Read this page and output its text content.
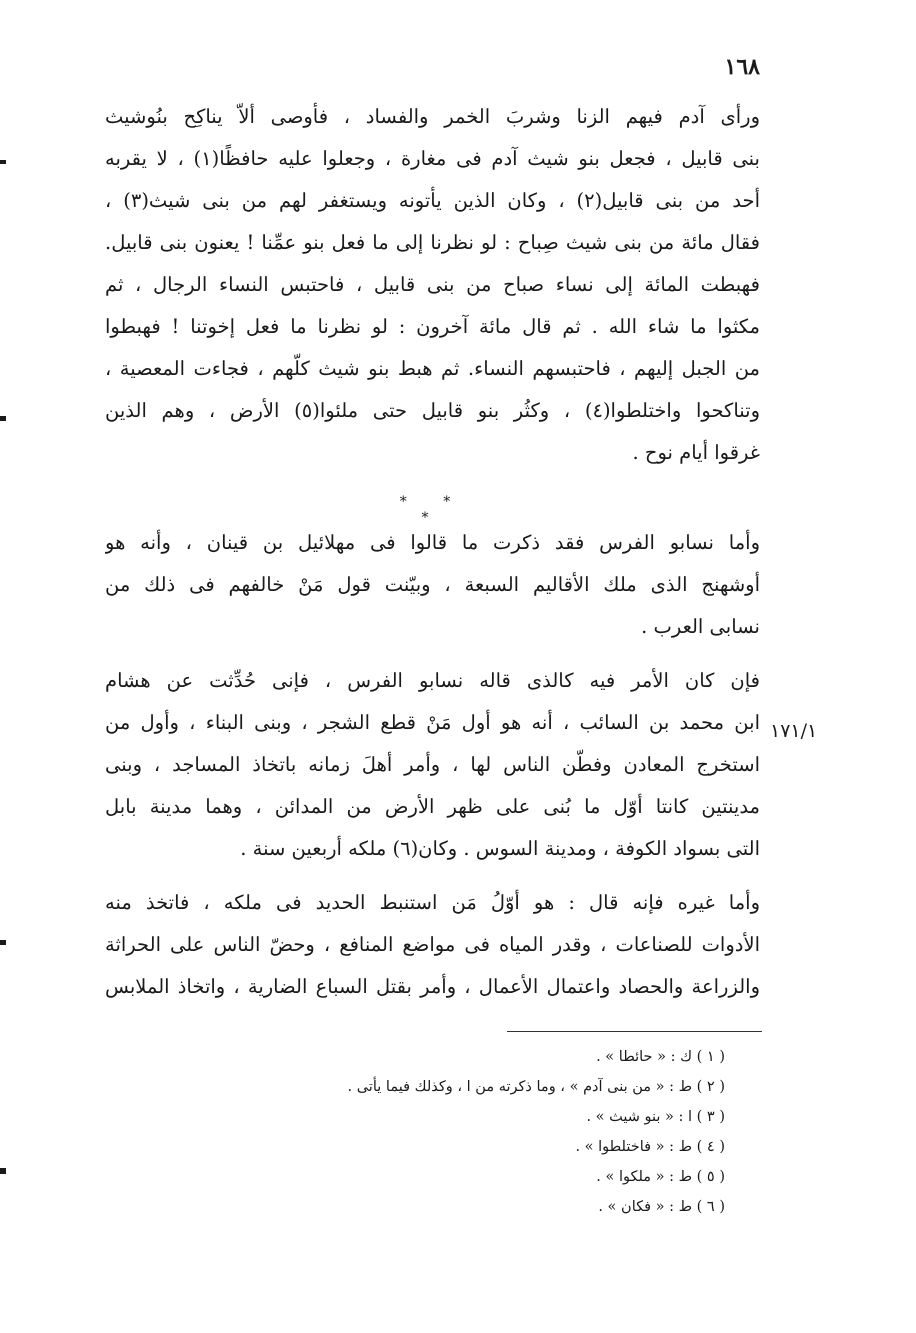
١٦٨
ورأى آدم فيهم الزنا وشربَ الخمر والفساد ، فأوصى ألاّ يناكِح بنُوشيث
بنى قابيل ، فجعل بنو شيث آدم فى مغارة ، وجعلوا عليه حافظًا(١) ، لا يقربه
أحد من بنى قابيل(٢) ، وكان الذين يأتونه ويستغفر لهم من بنى شيث(٣) ،
فقال مائة من بنى شيث صِباح : لو نظرنا إلى ما فعل بنو عمِّنا ! يعنون بنى قابيل.
فهبطت المائة إلى نساء صباح من بنى قابيل ، فاحتبس النساء الرجال ، ثم
مكثوا ما شاء الله . ثم قال مائة آخرون : لو نظرنا ما فعل إخوتنا ! فهبطوا
من الجبل إليهم ، فاحتبسهم النساء. ثم هبط بنو شيث كلّهم ، فجاءت المعصية ،
وتناكحوا واختلطوا(٤) ، وكثُر بنو قابيل حتى ملئوا(٥) الأرض ، وهم الذين
غرقوا أيام نوح .
* * *
وأما نسابو الفرس فقد ذكرت ما قالوا فى مهلائيل بن قينان ، وأنه هو
أوشهنج الذى ملك الأقاليم السبعة ، وبيّنت قول مَنْ خالفهم فى ذلك من
نسابى العرب .
فإن كان الأمر فيه كالذى قاله نسابو الفرس ، فإنى حُدِّثت عن هشام
ابن محمد بن السائب ، أنه هو أول مَنْ قطع الشجر ، وبنى البناء ، وأول من
استخرج المعادن وفطّن الناس لها ، وأمر أهلَ زمانه باتخاذ المساجد ، وبنى
مدينتين كانتا أوّل ما بُنى على ظهر الأرض من المدائن ، وهما مدينة بابل
التى بسواد الكوفة ، ومدينة السوس . وكان(٦) ملكه أربعين سنة .
١٧١/١
وأما غيره فإنه قال : هو أوّلُ مَن استنبط الحديد فى ملكه ، فاتخذ منه
الأدوات للصناعات ، وقدر المياه فى مواضع المنافع ، وحضّ الناس على الحراثة
والزراعة والحصاد واعتمال الأعمال ، وأمر بقتل السباع الضارية ، واتخاذ الملابس
( ١ ) ك : « حائطا » .
( ٢ ) ط : « من بنى آدم » ، وما ذكرته من ا ، وكذلك فيما يأتى .
( ٣ ) ا : « بنو شيث » .
( ٤ ) ط : « فاختلطوا » .
( ٥ ) ط : « ملكوا » .
( ٦ ) ط : « فكان » .
